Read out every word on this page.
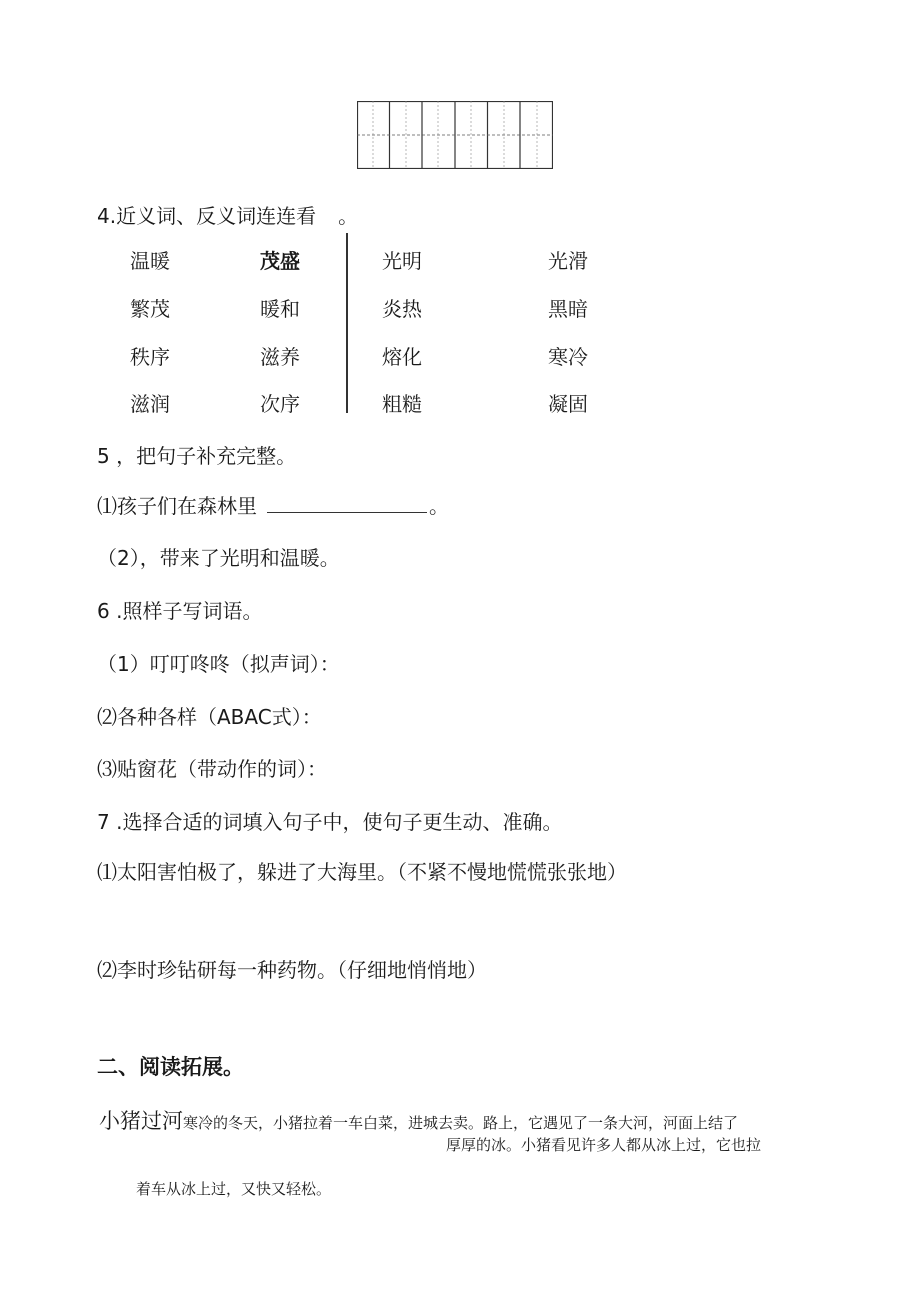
4.近义词、反义词连连看 。
温暖
繁茂
秩序
滋润
茂盛
暖和
滋养
次序
光明
炎热
熔化
粗糙
光滑
黑暗
寒冷
凝固
5 ，把句子补充完整。
⑴孩子们在森林里	。
（2），带来了光明和温暖。
6 .照样子写词语。
（1）叮叮咚咚（拟声词）：
⑵各种各样（ABAC式）：
⑶贴窗花（带动作的词）：
7 .选择合适的词填入句子中，使句子更生动、准确。
⑴太阳害怕极了，躲进了大海里。（不紧不慢地慌慌张张地）
⑵李时珍钻研每一种药物。（仔细地悄悄地）
二、阅读拓展。
小猪过河寒冷的冬天，小猪拉着一车白菜，进城去卖。路上，它遇见了一条大河，河面上结了
厚厚的冰。小猪看见许多人都从冰上过，它也拉
着车从冰上过，又快又轻松。
